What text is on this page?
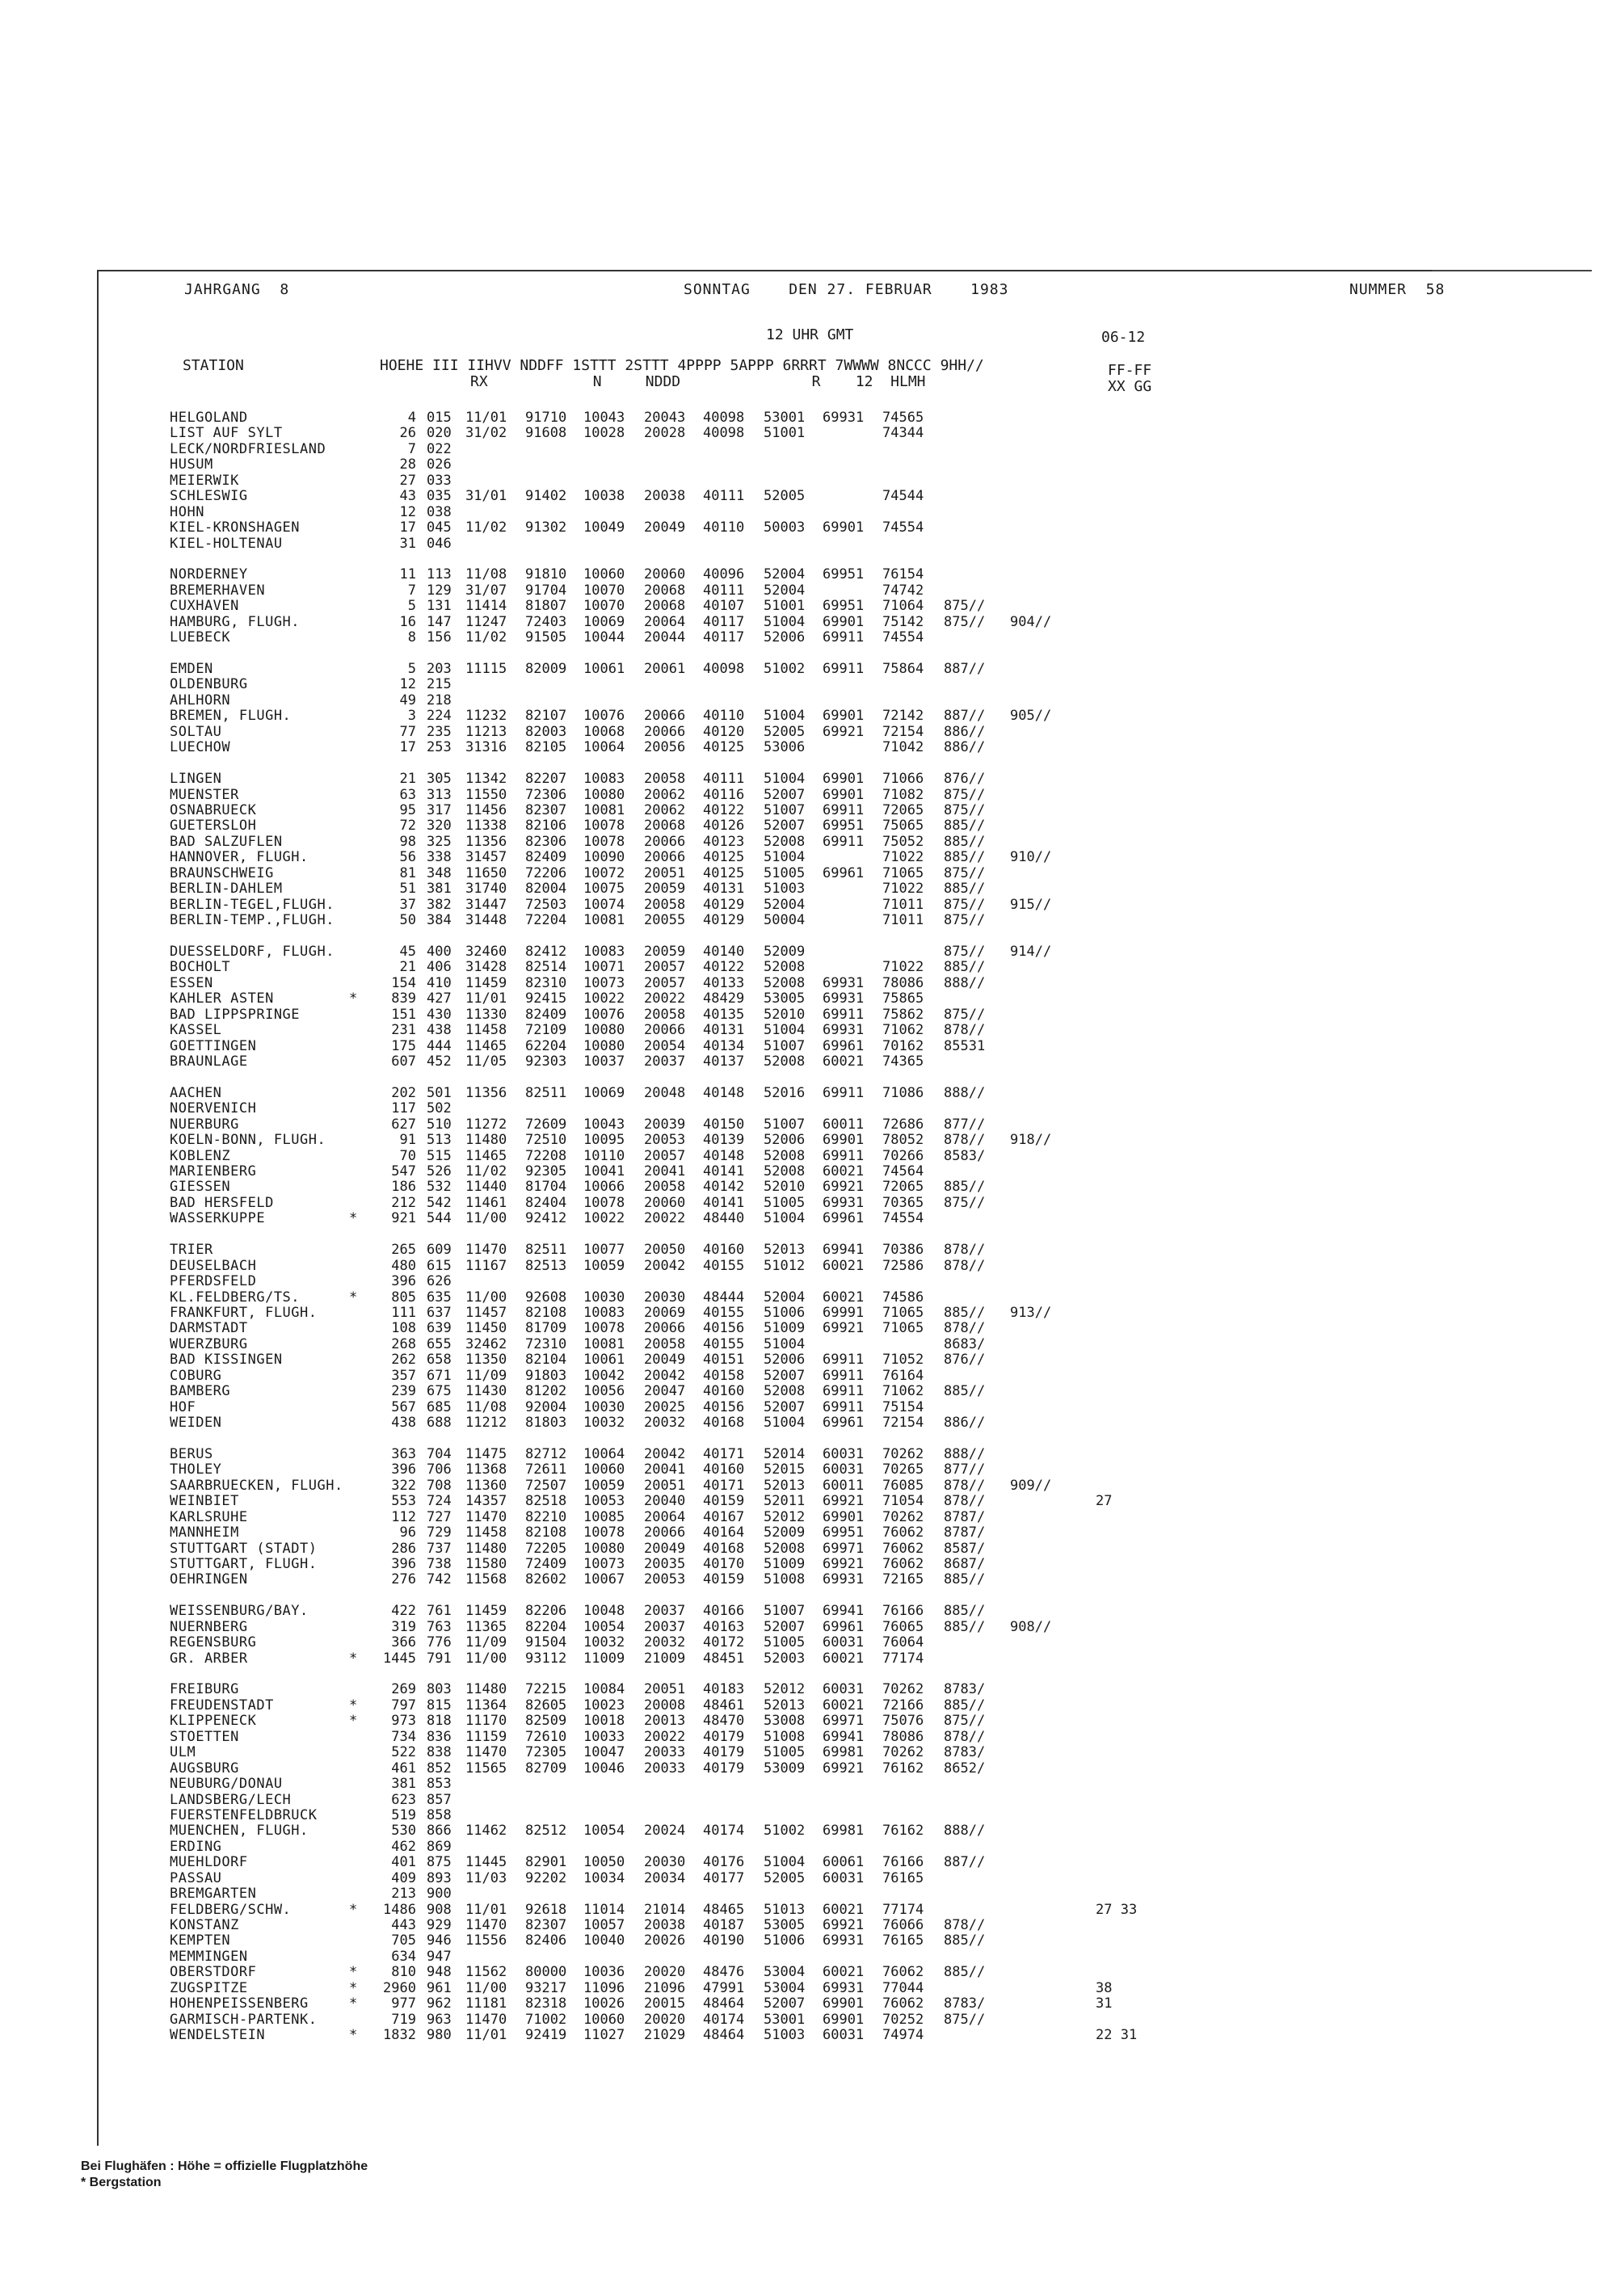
JAHRGANG  8	SONNTAG    DEN 27. FEBRUAR    1983	NUMMER  58
12 UHR GMT	06-12
STATION	HOEHE III IIHVV NDDFF 1STTT 2STTT 4PPPP 5APPP 6RRRT 7WWWW 8NCCC 9HH//
RX            N     NDDD               R    12  HLMH
FF-FF
XX GG
HELGOLAND	4 015 11/01 91710 10043 20043 40098 53001 69931 74565
LIST AUF SYLT	26 020 31/02 91608 10028 20028 40098 51001	74344
LECK/NORDFRIESLAND	7 022
HUSUM	28 026
MEIERWIK	27 033
SCHLESWIG	43 035 31/01 91402 10038 20038 40111 52005	74544
HOHN	12 038
KIEL-KRONSHAGEN	17 045 11/02 91302 10049 20049 40110 50003 69901 74554
KIEL-HOLTENAU	31 046
NORDERNEY	11 113 11/08 91810 10060 20060 40096 52004 69951 76154
BREMERHAVEN	7 129 31/07 91704 10070 20068 40111 52004	74742
CUXHAVEN	5 131 11414 81807 10070 20068 40107 51001 69951 71064 875//
HAMBURG, FLUGH.	16 147 11247 72403 10069 20064 40117 51004 69901 75142 875// 904//
LUEBECK	8 156 11/02 91505 10044 20044 40117 52006 69911 74554
EMDEN	5 203 11115 82009 10061 20061 40098 51002 69911 75864 887//
OLDENBURG	12 215
AHLHORN	49 218
BREMEN, FLUGH.	3 224 11232 82107 10076 20066 40110 51004 69901 72142 887// 905//
SOLTAU	77 235 11213 82003 10068 20066 40120 52005 69921 72154 886//
LUECHOW	17 253 31316 82105 10064 20056 40125 53006	71042 886//
LINGEN	21 305 11342 82207 10083 20058 40111 51004 69901 71066 876//
MUENSTER	63 313 11550 72306 10080 20062 40116 52007 69901 71082 875//
OSNABRUECK	95 317 11456 82307 10081 20062 40122 51007 69911 72065 875//
GUETERSLOH	72 320 11338 82106 10078 20068 40126 52007 69951 75065 885//
BAD SALZUFLEN	98 325 11356 82306 10078 20066 40123 52008 69911 75052 885//
HANNOVER, FLUGH.	56 338 31457 82409 10090 20066 40125 51004	71022 885// 910//
BRAUNSCHWEIG	81 348 11650 72206 10072 20051 40125 51005 69961 71065 875//
BERLIN-DAHLEM	51 381 31740 82004 10075 20059 40131 51003	71022 885//
BERLIN-TEGEL,FLUGH.	37 382 31447 72503 10074 20058 40129 52004	71011 875// 915//
BERLIN-TEMP.,FLUGH.	50 384 31448 72204 10081 20055 40129 50004	71011 875//
DUESSELDORF, FLUGH.	45 400 32460 82412 10083 20059 40140 52009	875// 914//
BOCHOLT	21 406 31428 82514 10071 20057 40122 52008	71022 885//
ESSEN	154 410 11459 82310 10073 20057 40133 52008 69931 78086 888//
KAHLER ASTEN	*	839 427 11/01 92415 10022 20022 48429 53005 69931 75865
BAD LIPPSPRINGE	151 430 11330 82409 10076 20058 40135 52010 69911 75862 875//
KASSEL	231 438 11458 72109 10080 20066 40131 51004 69931 71062 878//
GOETTINGEN	175 444 11465 62204 10080 20054 40134 51007 69961 70162 85531
BRAUNLAGE	607 452 11/05 92303 10037 20037 40137 52008 60021 74365
AACHEN	202 501 11356 82511 10069 20048 40148 52016 69911 71086 888//
NOERVENICH	117 502
NUERBURG	627 510 11272 72609 10043 20039 40150 51007 60011 72686 877//
KOELN-BONN, FLUGH.	91 513 11480 72510 10095 20053 40139 52006 69901 78052 878// 918//
KOBLENZ	70 515 11465 72208 10110 20057 40148 52008 69911 70266 8583/
MARIENBERG	547 526 11/02 92305 10041 20041 40141 52008 60021 74564
GIESSEN	186 532 11440 81704 10066 20058 40142 52010 69921 72065 885//
BAD HERSFELD	212 542 11461 82404 10078 20060 40141 51005 69931 70365 875//
WASSERKUPPE	*	921 544 11/00 92412 10022 20022 48440 51004 69961 74554
TRIER	265 609 11470 82511 10077 20050 40160 52013 69941 70386 878//
DEUSELBACH	480 615 11167 82513 10059 20042 40155 51012 60021 72586 878//
PFERDSFELD	396 626
KL.FELDBERG/TS.	*	805 635 11/00 92608 10030 20030 48444 52004 60021 74586
FRANKFURT, FLUGH.	111 637 11457 82108 10083 20069 40155 51006 69991 71065 885// 913//
DARMSTADT	108 639 11450 81709 10078 20066 40156 51009 69921 71065 878//
WUERZBURG	268 655 32462 72310 10081 20058 40155 51004	8683/
BAD KISSINGEN	262 658 11350 82104 10061 20049 40151 52006 69911 71052 876//
COBURG	357 671 11/09 91803 10042 20042 40158 52007 69911 76164
BAMBERG	239 675 11430 81202 10056 20047 40160 52008 69911 71062 885//
HOF	567 685 11/08 92004 10030 20025 40156 52007 69911 75154
WEIDEN	438 688 11212 81803 10032 20032 40168 51004 69961 72154 886//
BERUS	363 704 11475 82712 10064 20042 40171 52014 60031 70262 888//
THOLEY	396 706 11368 72611 10060 20041 40160 52015 60031 70265 877//
SAARBRUECKEN, FLUGH.	322 708 11360 72507 10059 20051 40171 52013 60011 76085 878// 909//
WEINBIET	553 724 14357 82518 10053 20040 40159 52011 69921 71054 878//	27
KARLSRUHE	112 727 11470 82210 10085 20064 40167 52012 69901 70262 8787/
MANNHEIM	96 729 11458 82108 10078 20066 40164 52009 69951 76062 8787/
STUTTGART (STADT)	286 737 11480 72205 10080 20049 40168 52008 69971 76062 8587/
STUTTGART, FLUGH.	396 738 11580 72409 10073 20035 40170 51009 69921 76062 8687/
OEHRINGEN	276 742 11568 82602 10067 20053 40159 51008 69931 72165 885//
WEISSENBURG/BAY.	422 761 11459 82206 10048 20037 40166 51007 69941 76166 885//
NUERNBERG	319 763 11365 82204 10054 20037 40163 52007 69961 76065 885// 908//
REGENSBURG	366 776 11/09 91504 10032 20032 40172 51005 60031 76064
GR. ARBER	*	1445 791 11/00 93112 11009 21009 48451 52003 60021 77174
FREIBURG	269 803 11480 72215 10084 20051 40183 52012 60031 70262 8783/
FREUDENSTADT	*	797 815 11364 82605 10023 20008 48461 52013 60021 72166 885//
KLIPPENECK	*	973 818 11170 82509 10018 20013 48470 53008 69971 75076 875//
STOETTEN	734 836 11159 72610 10033 20022 40179 51008 69941 78086 878//
ULM	522 838 11470 72305 10047 20033 40179 51005 69981 70262 8783/
AUGSBURG	461 852 11565 82709 10046 20033 40179 53009 69921 76162 8652/
NEUBURG/DONAU	381 853
LANDSBERG/LECH	623 857
FUERSTENFELDBRUCK	519 858
MUENCHEN, FLUGH.	530 866 11462 82512 10054 20024 40174 51002 69981 76162 888//
ERDING	462 869
MUEHLDORF	401 875 11445 82901 10050 20030 40176 51004 60061 76166 887//
PASSAU	409 893 11/03 92202 10034 20034 40177 52005 60031 76165
BREMGARTEN	213 900
FELDBERG/SCHW.	*	1486 908 11/01 92618 11014 21014 48465 51013 60021 77174	27 33
KONSTANZ	443 929 11470 82307 10057 20038 40187 53005 69921 76066 878//
KEMPTEN	705 946 11556 82406 10040 20026 40190 51006 69931 76165 885//
MEMMINGEN	634 947
OBERSTDORF	*	810 948 11562 80000 10036 20020 48476 53004 60021 76062 885//
ZUGSPITZE	*	2960 961 11/00 93217 11096 21096 47991 53004 69931 77044	38
HOHENPEISSENBERG	*	977 962 11181 82318 10026 20015 48464 52007 69901 76062 8783/	31
GARMISCH-PARTENK.	719 963 11470 71002 10060 20020 40174 53001 69901 70252 875//
WENDELSTEIN	*	1832 980 11/01 92419 11027 21029 48464 51003 60031 74974	22 31
Bei Flughäfen : Höhe = offizielle Flugplatzhöhe
* Bergstation
